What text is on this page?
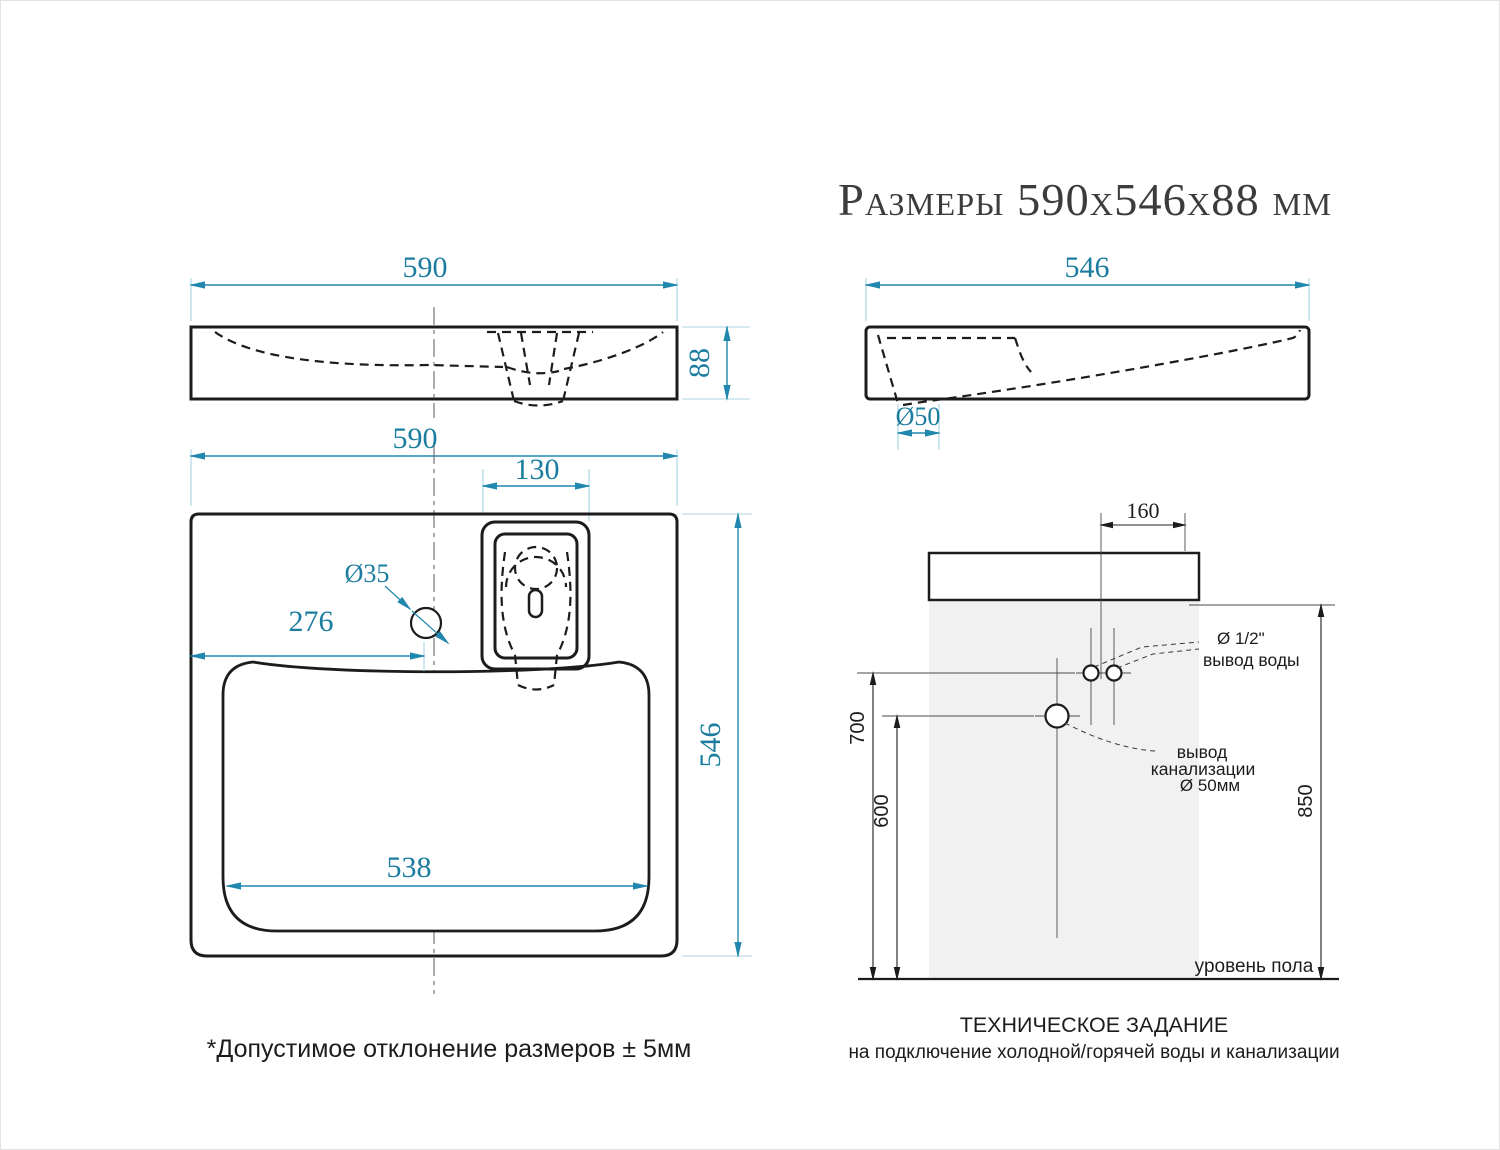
Размеры 590x546x88 мм
590
88
546
Ø50
590
130
Ø35
276
546
538
160
Ø 1/2"
вывод воды
вывод
канализации
Ø 50мм
700
600	850
уровень пола
ТЕХНИЧЕСКОЕ ЗАДАНИЕ
на подключение холодной/горячей воды и канализации
*Допустимое отклонение размеров ± 5мм
